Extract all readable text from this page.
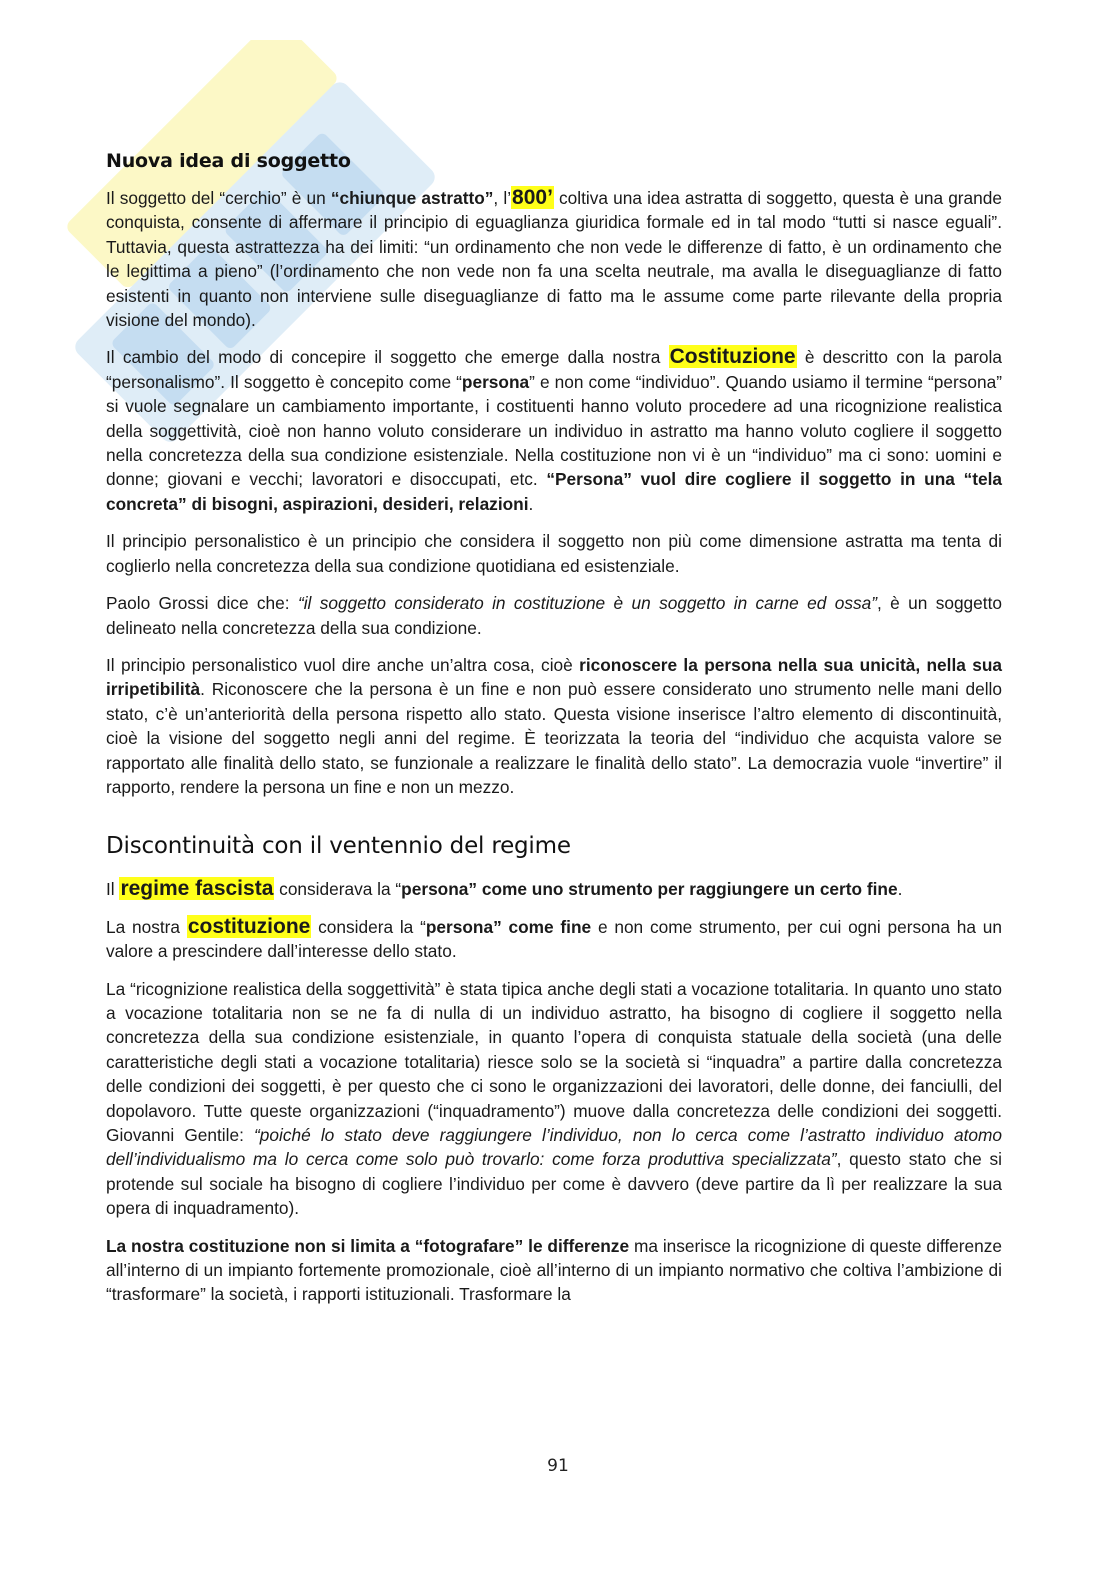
Nuova idea di soggetto

Il soggetto del “cerchio” è un “chiunque astratto”, l’800’ coltiva una idea astratta di soggetto, questa è una grande conquista, consente di affermare il principio di eguaglianza giuridica formale ed in tal modo “tutti si nasce eguali”. Tuttavia, questa astrattezza ha dei limiti: “un ordinamento che non vede le differenze di fatto, è un ordinamento che le legittima a pieno” (l’ordinamento che non vede non fa una scelta neutrale, ma avalla le diseguaglianze di fatto esistenti in quanto non interviene sulle diseguaglianze di fatto ma le assume come parte rilevante della propria visione del mondo).

Il cambio del modo di concepire il soggetto che emerge dalla nostra Costituzione è descritto con la parola “personalismo”. Il soggetto è concepito come “persona” e non come “individuo”. Quando usiamo il termine “persona” si vuole segnalare un cambiamento importante, i costituenti hanno voluto procedere ad una ricognizione realistica della soggettività, cioè non hanno voluto considerare un individuo in astratto ma hanno voluto cogliere il soggetto nella concretezza della sua condizione esistenziale. Nella costituzione non vi è un “individuo” ma ci sono: uomini e donne; giovani e vecchi; lavoratori e disoccupati, etc. “Persona” vuol dire cogliere il soggetto in una “tela concreta” di bisogni, aspirazioni, desideri, relazioni.

Il principio personalistico è un principio che considera il soggetto non più come dimensione astratta ma tenta di coglierlo nella concretezza della sua condizione quotidiana ed esistenziale.

Paolo Grossi dice che: “il soggetto considerato in costituzione è un soggetto in carne ed ossa”, è un soggetto delineato nella concretezza della sua condizione.

Il principio personalistico vuol dire anche un’altra cosa, cioè riconoscere la persona nella sua unicità, nella sua irripetibilità. Riconoscere che la persona è un fine e non può essere considerato uno strumento nelle mani dello stato, c’è un’anteriorità della persona rispetto allo stato. Questa visione inserisce l’altro elemento di discontinuità, cioè la visione del soggetto negli anni del regime. È teorizzata la teoria del “individuo che acquista valore se rapportato alle finalità dello stato, se funzionale a realizzare le finalità dello stato”. La democrazia vuole “invertire” il rapporto, rendere la persona un fine e non un mezzo.

Discontinuità con il ventennio del regime

Il regime fascista considerava la “persona” come uno strumento per raggiungere un certo fine.

La nostra costituzione considera la “persona” come fine e non come strumento, per cui ogni persona ha un valore a prescindere dall’interesse dello stato.

La “ricognizione realistica della soggettività” è stata tipica anche degli stati a vocazione totalitaria. In quanto uno stato a vocazione totalitaria non se ne fa di nulla di un individuo astratto, ha bisogno di cogliere il soggetto nella concretezza della sua condizione esistenziale, in quanto l’opera di conquista statuale della società (una delle caratteristiche degli stati a vocazione totalitaria) riesce solo se la società si “inquadra” a partire dalla concretezza delle condizioni dei soggetti, è per questo che ci sono le organizzazioni dei lavoratori, delle donne, dei fanciulli, del dopolavoro. Tutte queste organizzazioni (“inquadramento”) muove dalla concretezza delle condizioni dei soggetti. Giovanni Gentile: “poiché lo stato deve raggiungere l’individuo, non lo cerca come l’astratto individuo atomo dell’individualismo ma lo cerca come solo può trovarlo: come forza produttiva specializzata”, questo stato che si protende sul sociale ha bisogno di cogliere l’individuo per come è davvero (deve partire da lì per realizzare la sua opera di inquadramento).

La nostra costituzione non si limita a “fotografare” le differenze ma inserisce la ricognizione di queste differenze all’interno di un impianto fortemente promozionale, cioè all’interno di un impianto normativo che coltiva l’ambizione di “trasformare” la società, i rapporti istituzionali. Trasformare la

91
